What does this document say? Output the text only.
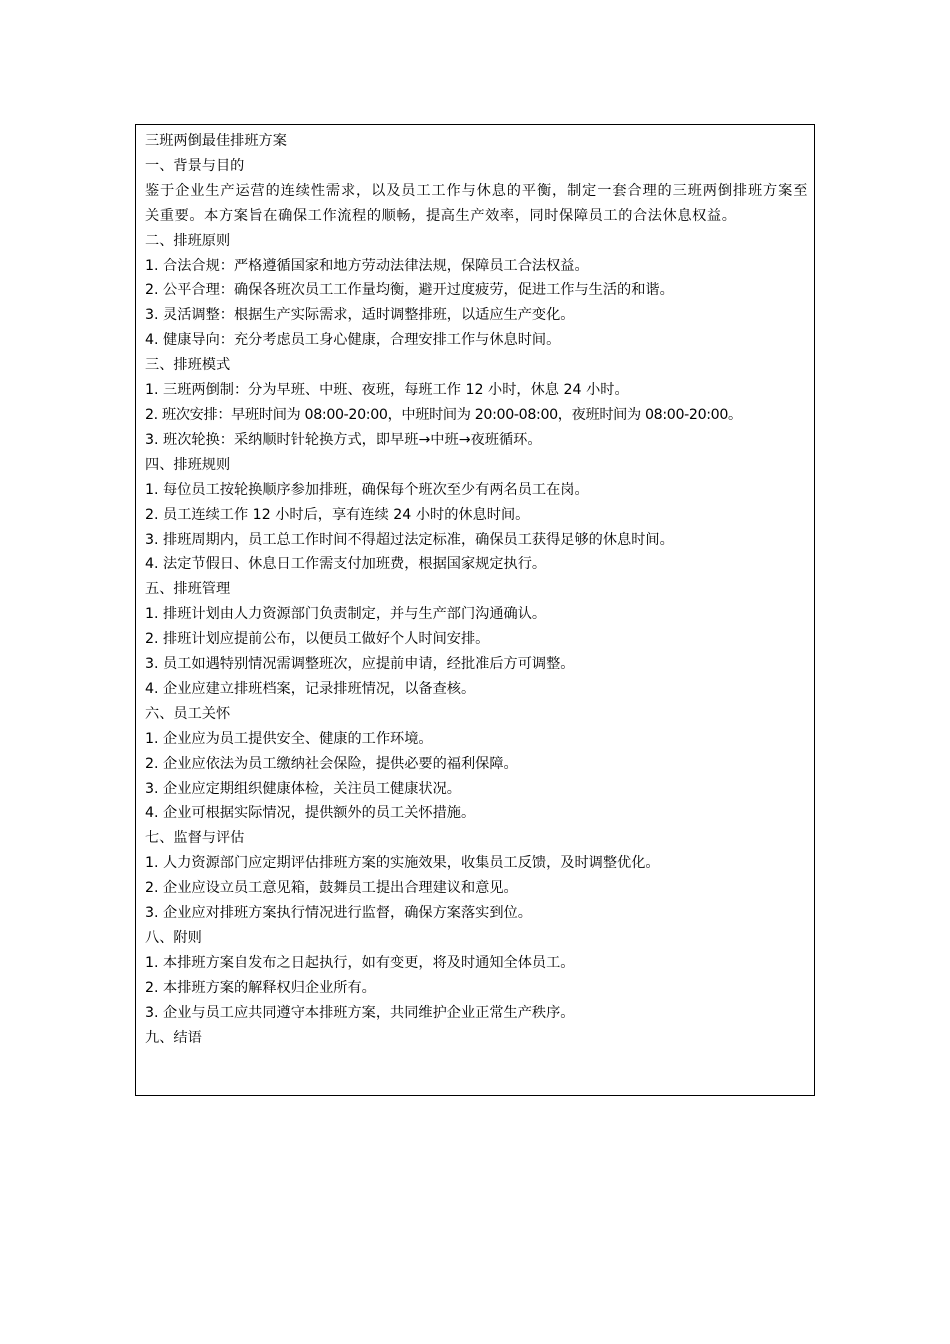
三班两倒最佳排班方案
一、背景与目的
鉴于企业生产运营的连续性需求，以及员工工作与休息的平衡，制定一套合理的三班两倒排班方案至关重要。本方案旨在确保工作流程的顺畅，提高生产效率，同时保障员工的合法休息权益。
二、排班原则
1. 合法合规：严格遵循国家和地方劳动法律法规，保障员工合法权益。
2. 公平合理：确保各班次员工工作量均衡，避开过度疲劳，促进工作与生活的和谐。
3. 灵活调整：根据生产实际需求，适时调整排班，以适应生产变化。
4. 健康导向：充分考虑员工身心健康，合理安排工作与休息时间。
三、排班模式
1. 三班两倒制：分为早班、中班、夜班，每班工作 12 小时，休息 24 小时。
2. 班次安排：早班时间为 08:00-20:00，中班时间为 20:00-08:00，夜班时间为 08:00-20:00。
3. 班次轮换：采纳顺时针轮换方式，即早班→中班→夜班循环。
四、排班规则
1. 每位员工按轮换顺序参加排班，确保每个班次至少有两名员工在岗。
2. 员工连续工作 12 小时后，享有连续 24 小时的休息时间。
3. 排班周期内，员工总工作时间不得超过法定标准，确保员工获得足够的休息时间。
4. 法定节假日、休息日工作需支付加班费，根据国家规定执行。
五、排班管理
1. 排班计划由人力资源部门负责制定，并与生产部门沟通确认。
2. 排班计划应提前公布，以便员工做好个人时间安排。
3. 员工如遇特别情况需调整班次，应提前申请，经批准后方可调整。
4. 企业应建立排班档案，记录排班情况，以备查核。
六、员工关怀
1. 企业应为员工提供安全、健康的工作环境。
2. 企业应依法为员工缴纳社会保险，提供必要的福利保障。
3. 企业应定期组织健康体检，关注员工健康状况。
4. 企业可根据实际情况，提供额外的员工关怀措施。
七、监督与评估
1. 人力资源部门应定期评估排班方案的实施效果，收集员工反馈，及时调整优化。
2. 企业应设立员工意见箱，鼓舞员工提出合理建议和意见。
3. 企业应对排班方案执行情况进行监督，确保方案落实到位。
八、附则
1. 本排班方案自发布之日起执行，如有变更，将及时通知全体员工。
2. 本排班方案的解释权归企业所有。
3. 企业与员工应共同遵守本排班方案，共同维护企业正常生产秩序。
九、结语
